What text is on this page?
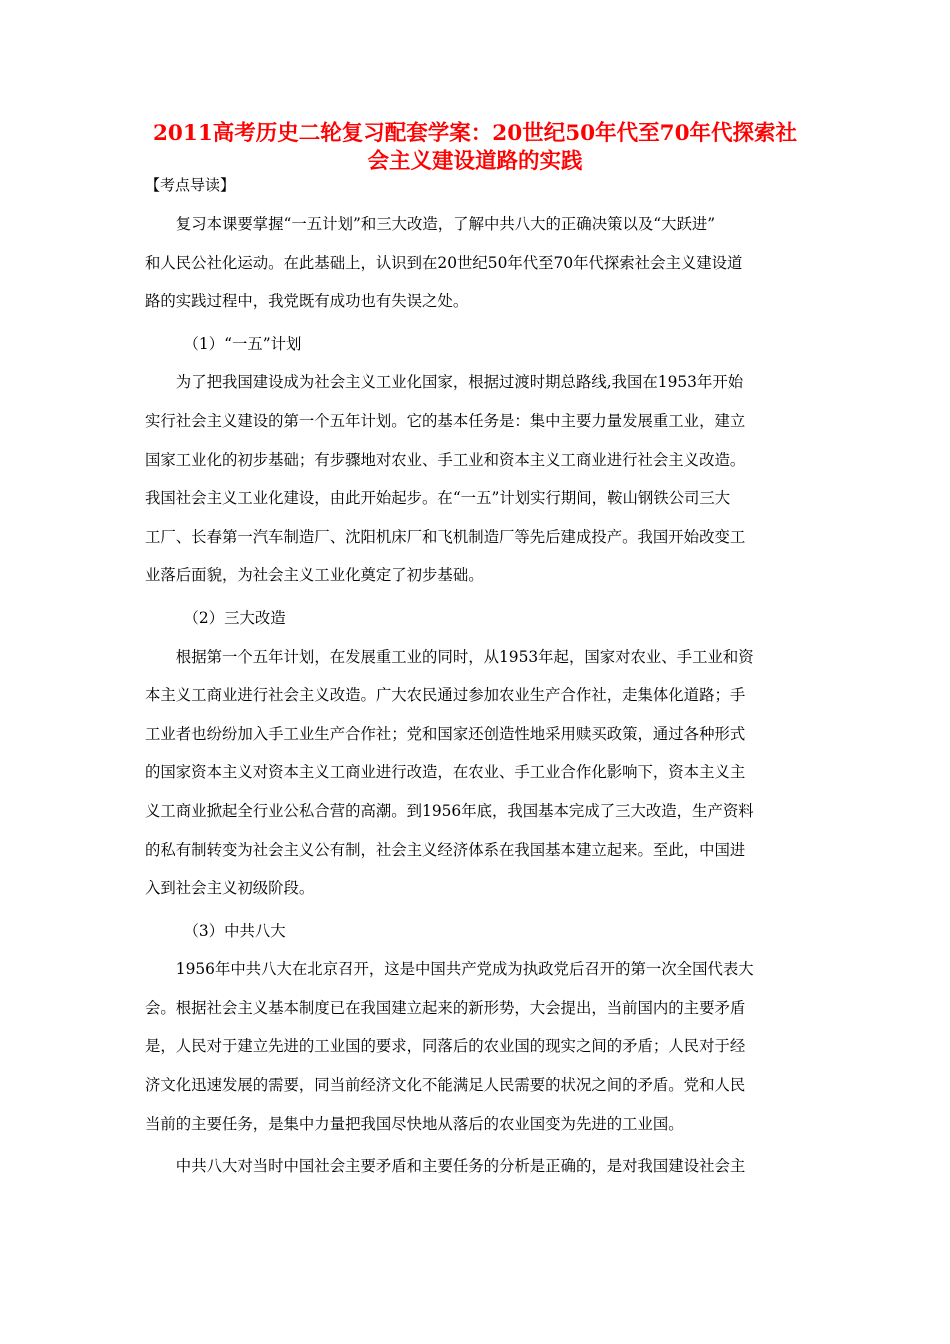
2011高考历史二轮复习配套学案：20世纪50年代至70年代探索社
会主义建设道路的实践
【考点导读】
复习本课要掌握“一五计划”和三大改造，了解中共八大的正确决策以及“大跃进”
和人民公社化运动。在此基础上，认识到在20世纪50年代至70年代探索社会主义建设道
路的实践过程中，我党既有成功也有失误之处。
（1）“一五”计划
为了把我国建设成为社会主义工业化国家，根据过渡时期总路线,我国在1953年开始
实行社会主义建设的第一个五年计划。它的基本任务是：集中主要力量发展重工业，建立
国家工业化的初步基础；有步骤地对农业、手工业和资本主义工商业进行社会主义改造。
我国社会主义工业化建设，由此开始起步。在“一五”计划实行期间，鞍山钢铁公司三大
工厂、长春第一汽车制造厂、沈阳机床厂和飞机制造厂等先后建成投产。我国开始改变工
业落后面貌，为社会主义工业化奠定了初步基础。
（2）三大改造
根据第一个五年计划，在发展重工业的同时，从1953年起，国家对农业、手工业和资
本主义工商业进行社会主义改造。广大农民通过参加农业生产合作社，走集体化道路；手
工业者也纷纷加入手工业生产合作社；党和国家还创造性地采用赎买政策，通过各种形式
的国家资本主义对资本主义工商业进行改造，在农业、手工业合作化影响下，资本主义主
义工商业掀起全行业公私合营的高潮。到1956年底，我国基本完成了三大改造，生产资料
的私有制转变为社会主义公有制，社会主义经济体系在我国基本建立起来。至此，中国进
入到社会主义初级阶段。
（3）中共八大
1956年中共八大在北京召开，这是中国共产党成为执政党后召开的第一次全国代表大
会。根据社会主义基本制度已在我国建立起来的新形势，大会提出，当前国内的主要矛盾
是，人民对于建立先进的工业国的要求，同落后的农业国的现实之间的矛盾；人民对于经
济文化迅速发展的需要，同当前经济文化不能满足人民需要的状况之间的矛盾。党和人民
当前的主要任务，是集中力量把我国尽快地从落后的农业国变为先进的工业国。
中共八大对当时中国社会主要矛盾和主要任务的分析是正确的，是对我国建设社会主
